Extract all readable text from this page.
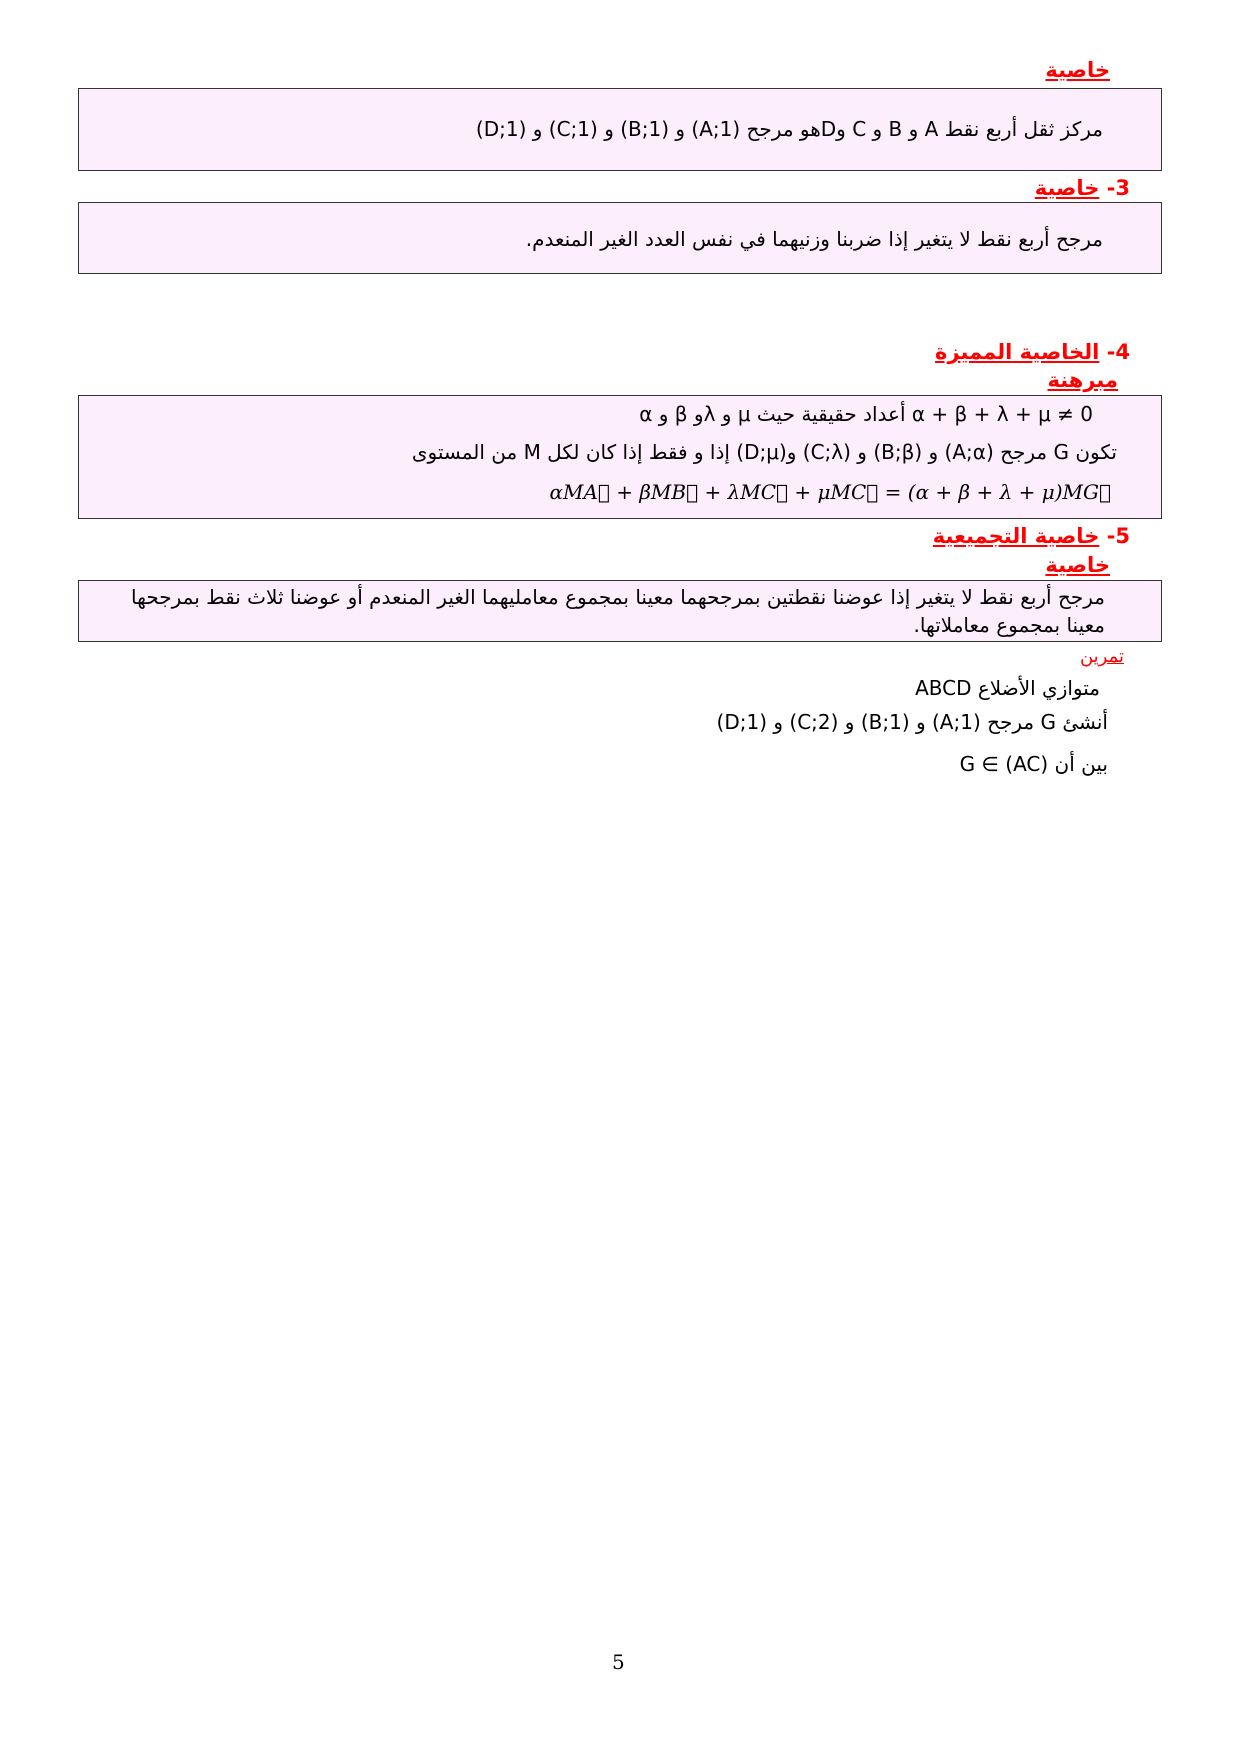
خاصية
مركز ثقل أربع نقط A و B و C وDهو مرجح (A;1) و (B;1) و (C;1) و (D;1)
3- خاصية
مرجح أربع نقط لا يتغير إذا ضربنا وزنيهما في نفس العدد الغير المنعدم.
4- الخاصية المميزة
مبرهنة
α و β وλ و μ أعداد حقيقية حيث α + β + λ + μ ≠ 0
تكون G مرجح (A;α) و (B;β) و (C;λ) و(D;μ) إذا و فقط إذا كان لكل M من المستوى
αMA⃗ + βMB⃗ + λMC⃗ + μMC⃗ = (α + β + λ + μ)MG⃗
5- خاصية التجميعية
خاصية
مرجح أربع نقط لا يتغير إذا عوضنا نقطتين بمرجحهما معينا بمجموع معامليهما الغير المنعدم أو عوضنا ثلاث نقط بمرجحها معينا بمجموع معاملاتها.
تمرين
ABCD متوازي الأضلاع
أنشئ G مرجح (A;1) و (B;1) و (C;2) و (D;1)
بين أن G ∈ (AC)
5
